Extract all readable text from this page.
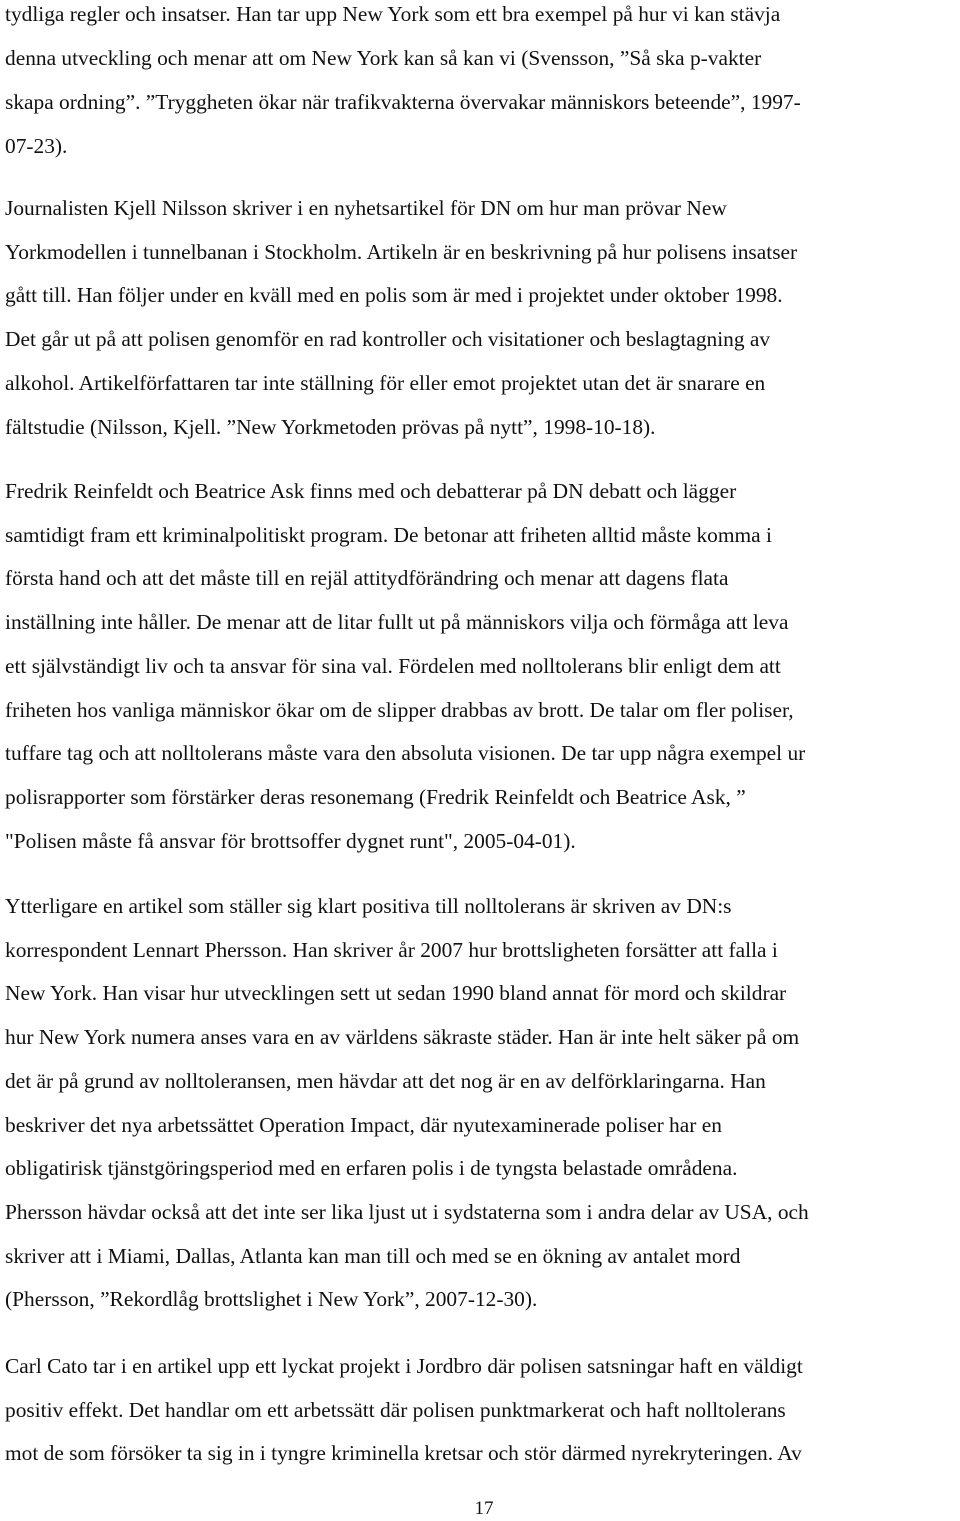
tydliga regler och insatser. Han tar upp New York som ett bra exempel på hur vi kan stävja
denna utveckling och menar att om New York kan så kan vi (Svensson, ”Så ska p-vakter
skapa ordning”. ”Tryggheten ökar när trafikvakterna övervakar människors beteende”, 1997-
07-23).

Journalisten Kjell Nilsson skriver i en nyhetsartikel för DN om hur man prövar New
Yorkmodellen i tunnelbanan i Stockholm. Artikeln är en beskrivning på hur polisens insatser
gått till. Han följer under en kväll med en polis som är med i projektet under oktober 1998.
Det går ut på att polisen genomför en rad kontroller och visitationer och beslagtagning av
alkohol. Artikelförfattaren tar inte ställning för eller emot projektet utan det är snarare en
fältstudie (Nilsson, Kjell. ”New Yorkmetoden prövas på nytt”, 1998-10-18).

Fredrik Reinfeldt och Beatrice Ask finns med och debatterar på DN debatt och lägger
samtidigt fram ett kriminalpolitiskt program. De betonar att friheten alltid måste komma i
första hand och att det måste till en rejäl attitydförändring och menar att dagens flata
inställning inte håller. De menar att de litar fullt ut på människors vilja och förmåga att leva
ett självständigt liv och ta ansvar för sina val. Fördelen med nolltolerans blir enligt dem att
friheten hos vanliga människor ökar om de slipper drabbas av brott. De talar om fler poliser,
tuffare tag och att nolltolerans måste vara den absoluta visionen. De tar upp några exempel ur
polisrapporter som förstärker deras resonemang (Fredrik Reinfeldt och Beatrice Ask, ”
"Polisen måste få ansvar för brottsoffer dygnet runt", 2005-04-01).

Ytterligare en artikel som ställer sig klart positiva till nolltolerans är skriven av DN:s
korrespondent Lennart Phersson. Han skriver år 2007 hur brottsligheten forsätter att falla i
New York. Han visar hur utvecklingen sett ut sedan 1990 bland annat för mord och skildrar
hur New York numera anses vara en av världens säkraste städer. Han är inte helt säker på om
det är på grund av nolltoleransen, men hävdar att det nog är en av delförklaringarna. Han
beskriver det nya arbetssättet Operation Impact, där nyutexaminerade poliser har en
obligatirisk tjänstgöringsperiod med en erfaren polis i de tyngsta belastade områdena.
Phersson hävdar också att det inte ser lika ljust ut i sydstaterna som i andra delar av USA, och
skriver att i Miami, Dallas, Atlanta kan man till och med se en ökning av antalet mord
(Phersson, ”Rekordlåg brottslighet i New York”, 2007-12-30).

Carl Cato tar i en artikel upp ett lyckat projekt i Jordbro där polisen satsningar haft en väldigt
positiv effekt. Det handlar om ett arbetssätt där polisen punktmarkerat och haft nolltolerans
mot de som försöker ta sig in i tyngre kriminella kretsar och stör därmed nyrekryteringen. Av

17
